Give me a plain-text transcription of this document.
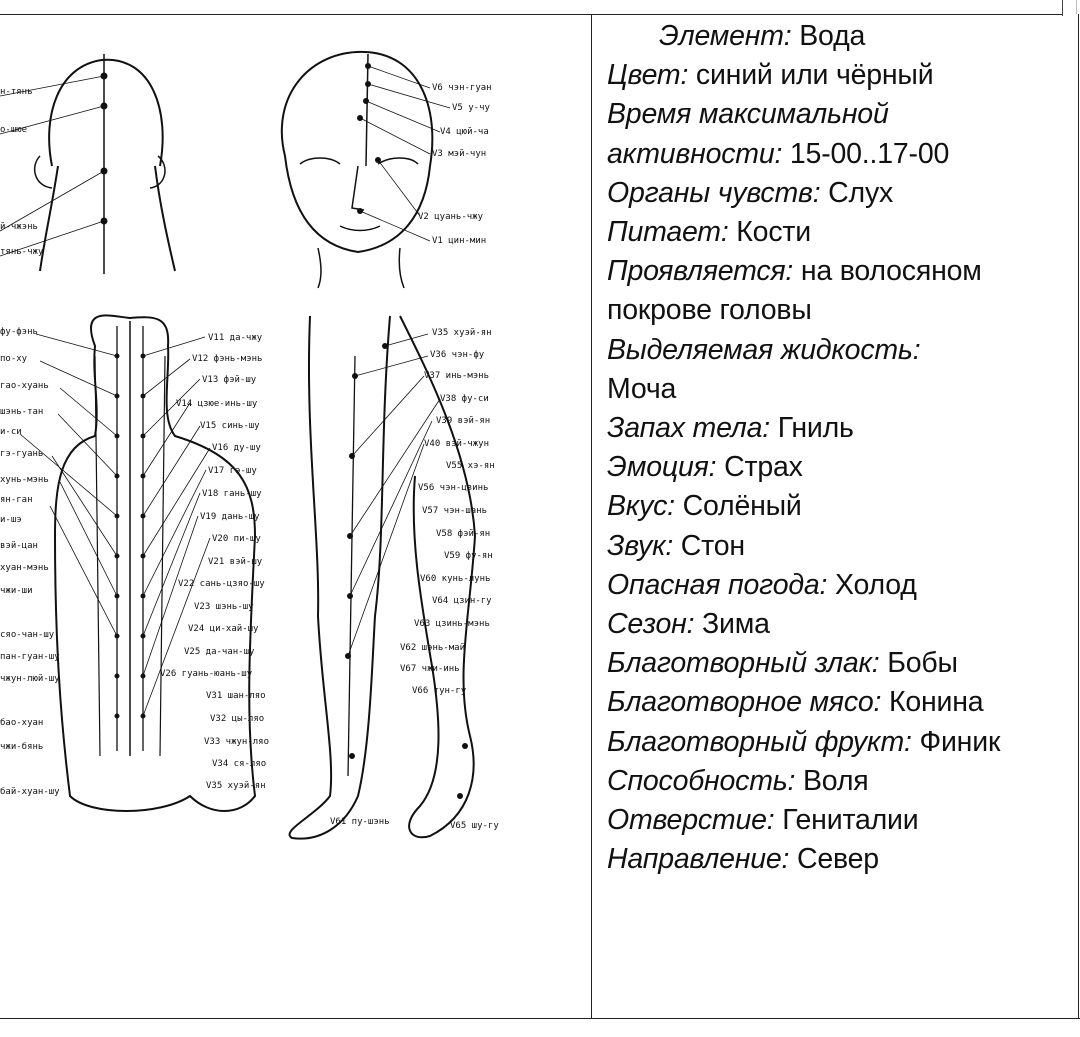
н-тянь
о-шюе
й-чжэнь
тянь-чжу
V6 чэн-гуан
V5 у-чу
V4 цюй-ча
V3 мэй-чун
V2 цуань-чжу
V1 цин-мин
фу-фэнь
по-ху
гао-хуань
шэнь-тан
и-си
гэ-гуань
хунь-мэнь
ян-ган
и-шэ
вэй-цан
хуан-мэнь
чжи-ши
сяо-чан-шу
пан-гуан-шу
чжун-люй-шу
бао-хуан
чжи-бянь
бай-хуан-шу
V11 да-чжу
V12 фэнь-мэнь
V13 фэй-шу
V14 цзюе-инь-шу
V15 синь-шу
V16 ду-шу
V17 гэ-шу
V18 гань-шу
V19 дань-шу
V20 пи-шу
V21 вэй-шу
V22 сань-цзяо-шу
V23 шэнь-шу
V24 ци-хай-шу
V25 да-чан-шу
V26 гуань-юань-шу
V31 шан-ляо
V32 цы-ляо
V33 чжун-ляо
V34 ся-ляо
V35 хуэй-ян
V35 хуэй-ян
V36 чэн-фу
V37 инь-мэнь
V38 фу-си
V39 вэй-ян
V40 вэй-чжун
V55 хэ-ян
V56 чэн-цзинь
V57 чэн-шань
V58 фэй-ян
V59 фу-ян
V60 кунь-лунь
V64 цзин-гу
V63 цзинь-мэнь
V62 шэнь-май
V67 чжи-инь
V66 тун-гу
V61 пу-шэнь	V65 шу-гу
Элемент: Вода
Цвет: синий или чёрный
Время максимальной
активности: 15-00..17-00
Органы чувств: Слух
Питает: Кости
Проявляется: на волосяном покрове головы
Выделяемая жидкость:
Моча
Запах тела: Гниль
Эмоция: Страх
Вкус: Солёный
Звук: Стон
Опасная погода: Холод
Сезон: Зима
Благотворный злак: Бобы
Благотворное мясо: Конина
Благотворный фрукт: Финик
Способность: Воля
Отверстие: Гениталии
Направление: Север
